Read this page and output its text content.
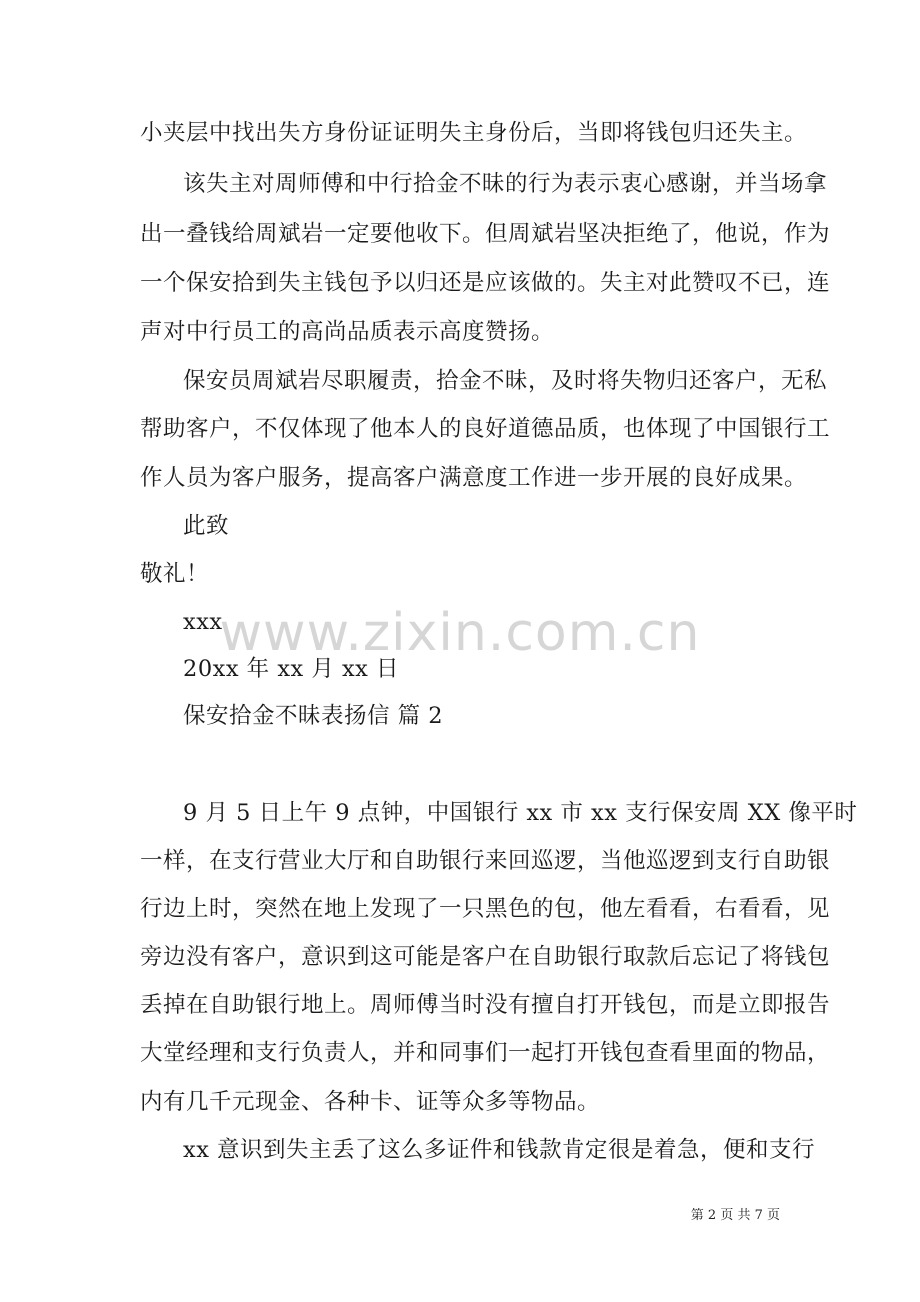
小夹层中找出失方身份证证明失主身份后，当即将钱包归还失主。
该失主对周师傅和中行拾金不昧的行为表示衷心感谢，并当场拿
出一叠钱给周斌岩一定要他收下。但周斌岩坚决拒绝了，他说，作为
一个保安拾到失主钱包予以归还是应该做的。失主对此赞叹不已，连
声对中行员工的高尚品质表示高度赞扬。
保安员周斌岩尽职履责，拾金不昧，及时将失物归还客户，无私
帮助客户，不仅体现了他本人的良好道德品质，也体现了中国银行工
作人员为客户服务，提高客户满意度工作进一步开展的良好成果。
此致
敬礼！
xxx
20xx 年 xx 月 xx 日
保安拾金不昧表扬信 篇 2
9 月 5 日上午 9 点钟，中国银行 xx 市 xx 支行保安周 XX 像平时
一样，在支行营业大厅和自助银行来回巡逻，当他巡逻到支行自助银
行边上时，突然在地上发现了一只黑色的包，他左看看，右看看，见
旁边没有客户，意识到这可能是客户在自助银行取款后忘记了将钱包
丢掉在自助银行地上。周师傅当时没有擅自打开钱包，而是立即报告
大堂经理和支行负责人，并和同事们一起打开钱包查看里面的物品，
内有几千元现金、各种卡、证等众多等物品。
xx 意识到失主丢了这么多证件和钱款肯定很是着急，便和支行
www.zixin.com.cn
第 2 页 共 7 页
